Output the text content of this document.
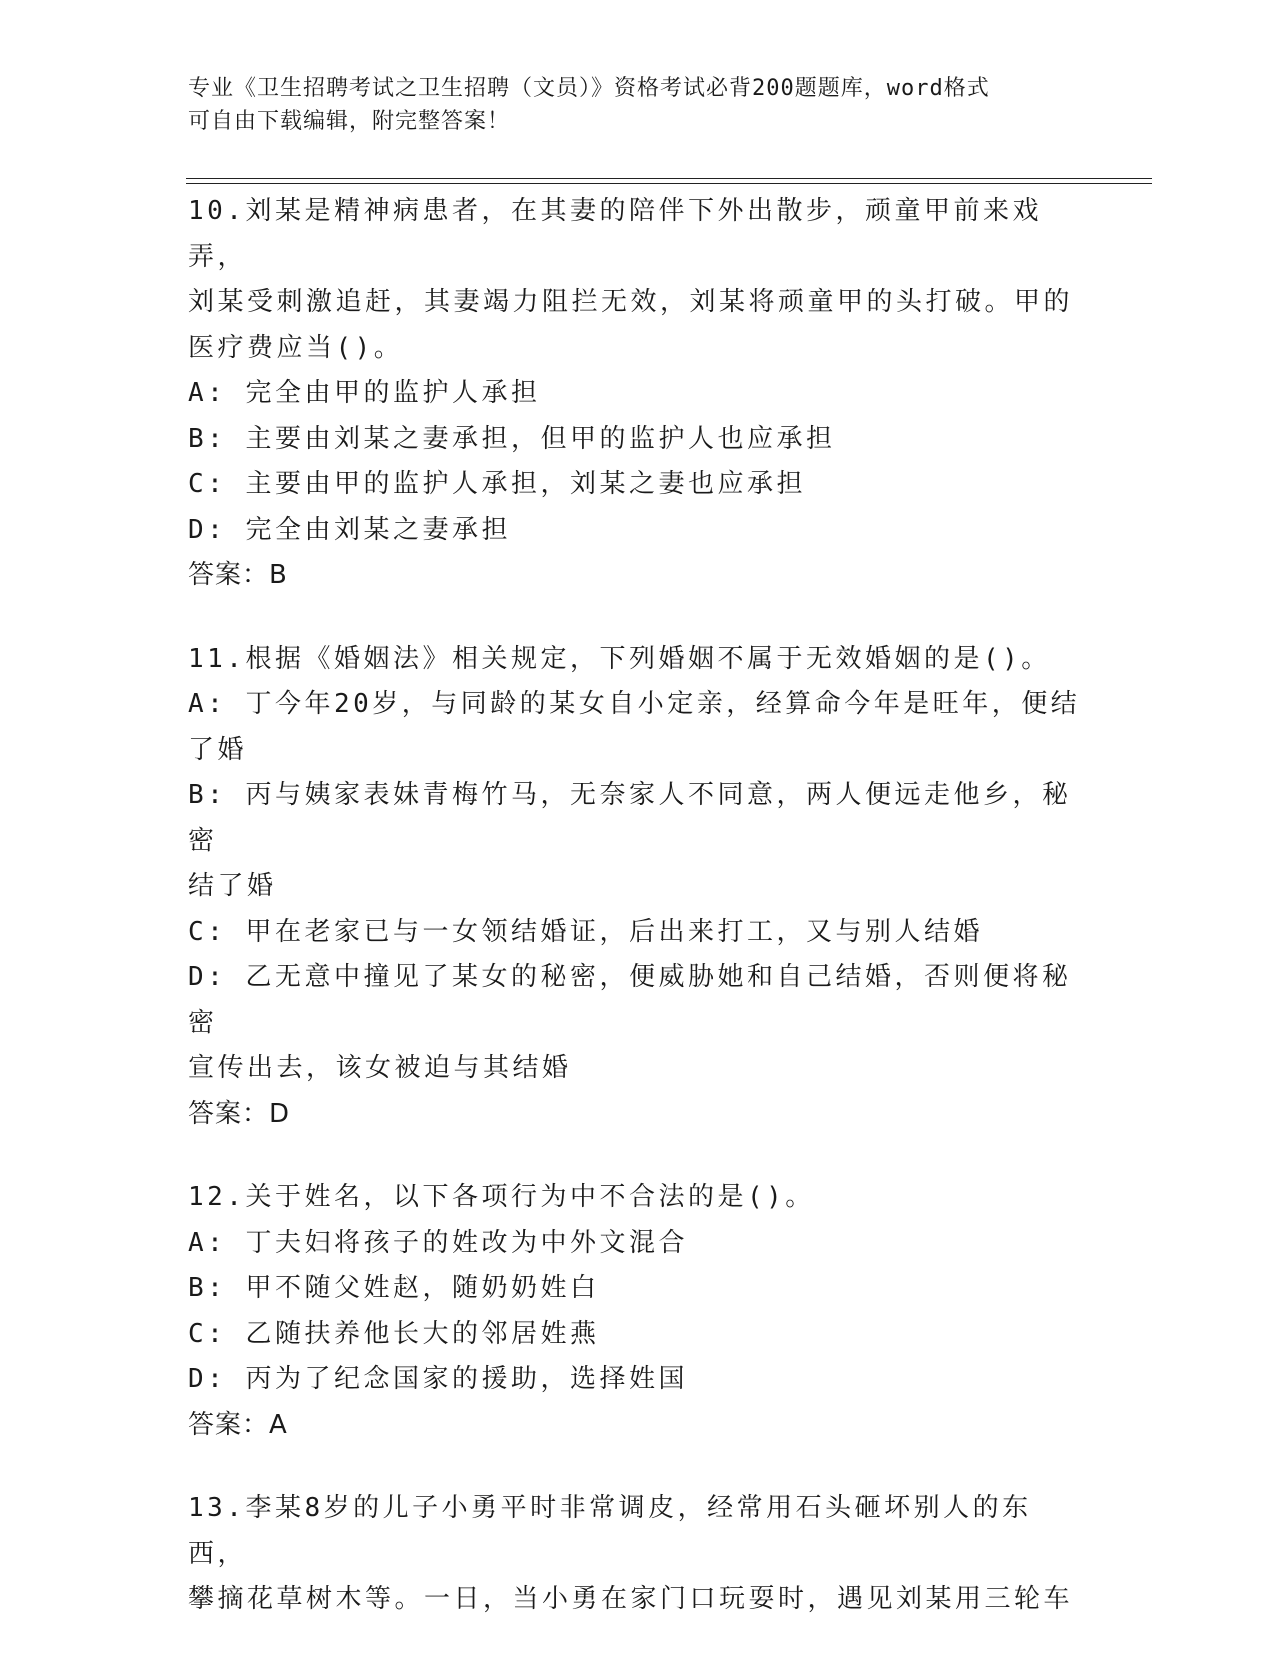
专业《卫生招聘考试之卫生招聘（文员）》资格考试必背200题题库，word格式
可自由下载编辑，附完整答案！

10.刘某是精神病患者，在其妻的陪伴下外出散步，顽童甲前来戏弄，

刘某受刺激追赶，其妻竭力阻拦无效，刘某将顽童甲的头打破。甲的

医疗费应当()。

A: 完全由甲的监护人承担

B: 主要由刘某之妻承担，但甲的监护人也应承担

C: 主要由甲的监护人承担，刘某之妻也应承担

D: 完全由刘某之妻承担

答案：B

11.根据《婚姻法》相关规定，下列婚姻不属于无效婚姻的是()。

A: 丁今年20岁，与同龄的某女自小定亲，经算命今年是旺年，便结

了婚

B: 丙与姨家表妹青梅竹马，无奈家人不同意，两人便远走他乡，秘密

结了婚

C: 甲在老家已与一女领结婚证，后出来打工，又与别人结婚

D: 乙无意中撞见了某女的秘密，便威胁她和自己结婚，否则便将秘密

宣传出去，该女被迫与其结婚

答案：D

12.关于姓名，以下各项行为中不合法的是()。

A: 丁夫妇将孩子的姓改为中外文混合

B: 甲不随父姓赵，随奶奶姓白

C: 乙随扶养他长大的邻居姓燕

D: 丙为了纪念国家的援助，选择姓国

答案：A

13.李某8岁的儿子小勇平时非常调皮，经常用石头砸坏别人的东西，

攀摘花草树木等。一日，当小勇在家门口玩耍时，遇见刘某用三轮车
